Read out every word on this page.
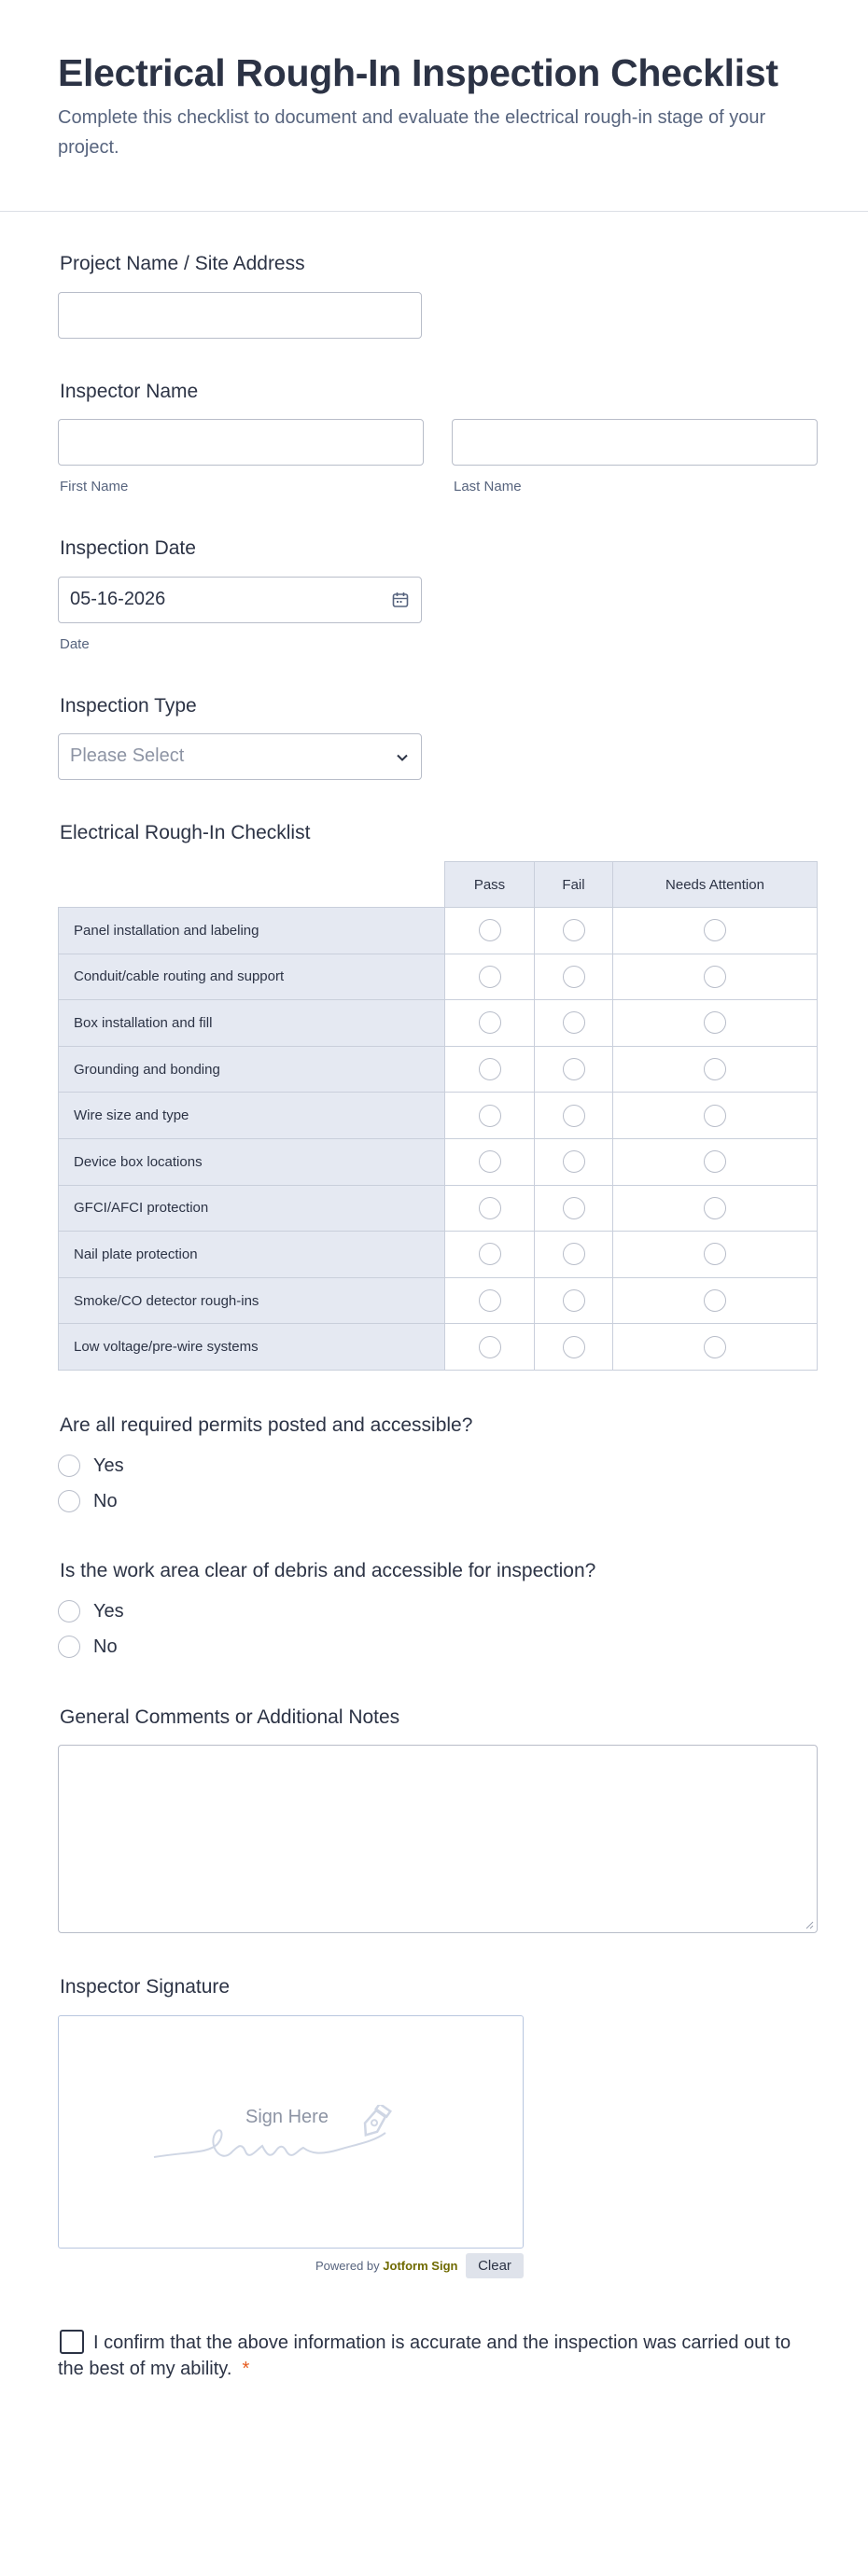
Electrical Rough-In Inspection Checklist

Complete this checklist to document and evaluate the electrical rough-in stage of your project.

Project Name / Site Address
Inspector Name
First Name	Last Name
Inspection Date
05-16-2026
Date
Inspection Type
Please Select
Electrical Rough-In Checklist
	Pass	Fail	Needs Attention
Panel installation and labeling			
Conduit/cable routing and support			
Box installation and fill			
Grounding and bonding			
Wire size and type			
Device box locations			
GFCI/AFCI protection			
Nail plate protection			
Smoke/CO detector rough-ins			
Low voltage/pre-wire systems			
Are all required permits posted and accessible?
Yes
No
Is the work area clear of debris and accessible for inspection?
Yes
No
General Comments or Additional Notes
Inspector Signature
Sign Here
Powered by Jotform Sign	Clear
I confirm that the above information is accurate and the inspection was carried out to the best of my ability. *
